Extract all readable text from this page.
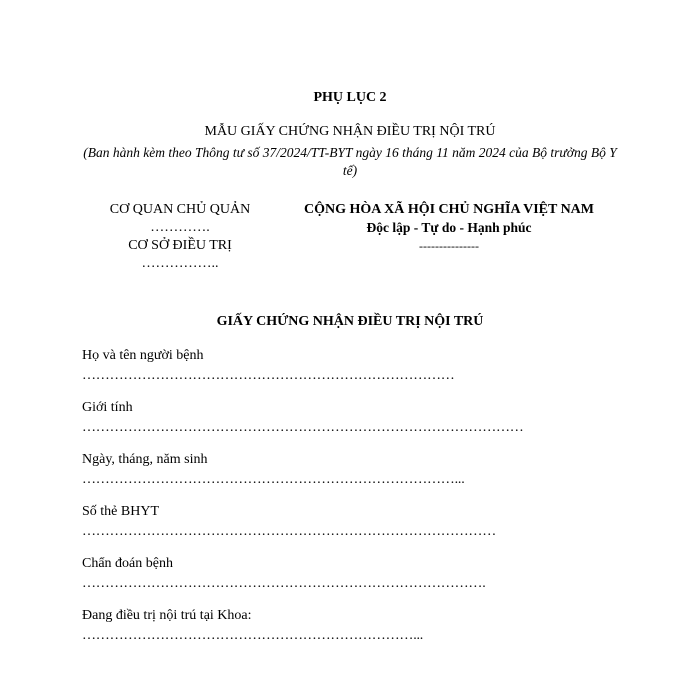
PHỤ LỤC 2
MẪU GIẤY CHỨNG NHẬN ĐIỀU TRỊ NỘI TRÚ
(Ban hành kèm theo Thông tư số 37/2024/TT-BYT ngày 16 tháng 11 năm 2024 của Bộ trưởng Bộ Y tế)
CƠ QUAN CHỦ QUẢN
………….
CƠ SỞ ĐIỀU TRỊ
……………..
CỘNG HÒA XÃ HỘI CHỦ NGHĨA VIỆT NAM
Độc lập - Tự do - Hạnh phúc
---------------
GIẤY CHỨNG NHẬN ĐIỀU TRỊ NỘI TRÚ
Họ và tên người bệnh
………………………………………………………………………
Giới tính
……………………………………………………………………………………
Ngày, tháng, năm sinh
………………………………………………………………………...
Số thẻ BHYT
………………………………………………………………………………
Chẩn đoán bệnh
…………………………………………………………………………….
Đang điều trị nội trú tại Khoa:
………………………………………………………………...
